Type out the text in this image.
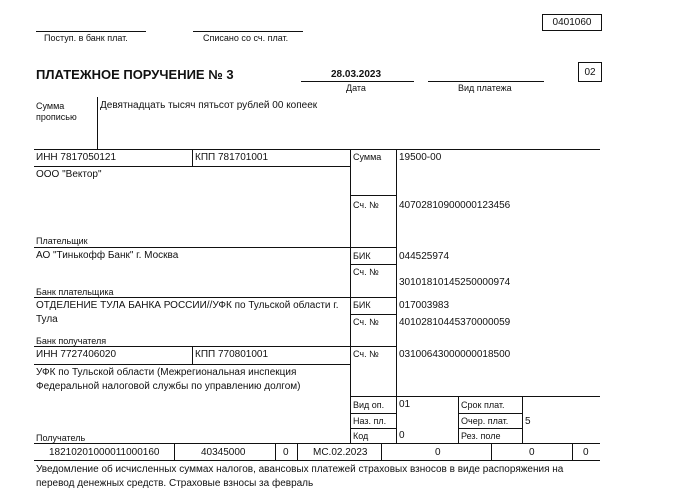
0401060
Поступ. в банк плат.	Списано со сч. плат.
ПЛАТЕЖНОЕ ПОРУЧЕНИЕ № 3	28.03.2023
Дата	Вид платежа
02
Сумма
прописью
Девятнадцать тысяч пятьсот рублей 00 копеек
ИНН 7817050121	КПП 781701001
ООО "Вектор"
Плательщик
Сумма 19500-00
Сч. № 40702810900000123456
АО "Тинькофф Банк" г. Москва
Банк плательщика
БИК	044525974
Сч. №
30101810145250000974
ОТДЕЛЕНИЕ ТУЛА БАНКА РОССИИ//УФК по Тульской области г. Тула
Банк получателя
БИК	017003983
Сч. № 40102810445370000059
ИНН 7727406020	КПП 770801001	Сч. № 03100643000000018500
УФК по Тульской области (Межрегиональная инспекция Федеральной налоговой службы по управлению долгом)
Получатель
Вид оп. 01
Наз. пл.
Код	0
Срок плат.
Очер. плат. 5
Рез. поле
18210201000011000160	40345000	0 МС.02.2023	0	0	0
Уведомление об исчисленных суммах налогов, авансовых платежей страховых взносов в виде распоряжения на перевод денежных средств. Страховые взносы за февраль
